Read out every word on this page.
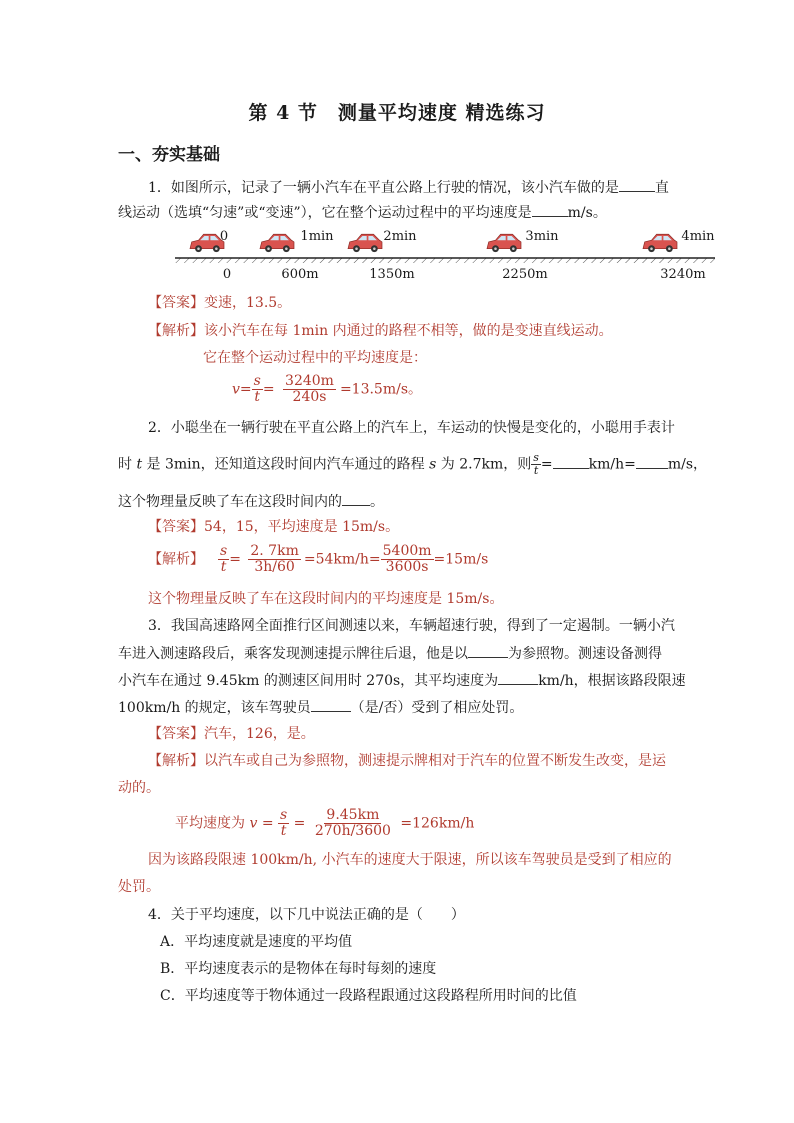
第 4 节　测量平均速度 精选练习
一、夯实基础
1．如图所示，记录了一辆小汽车在平直公路上行驶的情况，该小汽车做的是	直
线运动（选填“匀速”或“变速”），它在整个运动过程中的平均速度是	m/s。
0	1min	2min	3min	4min
0	600m	1350m	2250m	3240m
【答案】变速，13.5。
【解析】该小汽车在每 1min 内通过的路程不相等，做的是变速直线运动。
它在整个运动过程中的平均速度是：
$v= \frac{s}{t} = \frac{3240m}{240s} =13.5m/s$。
2．小聪坐在一辆行驶在平直公路上的汽车上，车运动的快慢是变化的，小聪用手表计
时 t 是 3min，还知道这段时间内汽车通过的路程 s 为 2.7km，则 $\frac{s}{t}$ =	km/h= m/s，
这个物理量反映了车在这段时间内的 。
【答案】54，15，平均速度是 15m/s。
【解析】 $\frac{s}{t} = \frac{2. 7km}{3h/60} =54km/h= \frac{5400m}{3600s} =15m/s$
这个物理量反映了车在这段时间内的平均速度是 15m/s。
3．我国高速路网全面推行区间测速以来，车辆超速行驶，得到了一定遏制。一辆小汽
车进入测速路段后，乘客发现测速提示牌往后退，他是以	为参照物。测速设备测得
小汽车在通过 9.45km 的测速区间用时 270s，其平均速度为	km/h，根据该路段限速
100km/h 的规定，该车驾驶员	（是/否）受到了相应处罚。
【答案】汽车，126，是。
【解析】以汽车或自己为参照物，测速提示牌相对于汽车的位置不断发生改变，是运
动的。
平均速度为 $v = \frac{s}{t} = \frac{9.45km}{270h/3600} =126km/h$
因为该路段限速 100km/h, 小汽车的速度大于限速，所以该车驾驶员是受到了相应的
处罚。
4．关于平均速度，以下几中说法正确的是（　　）
A．平均速度就是速度的平均值
B．平均速度表示的是物体在每时每刻的速度
C．平均速度等于物体通过一段路程跟通过这段路程所用时间的比值
